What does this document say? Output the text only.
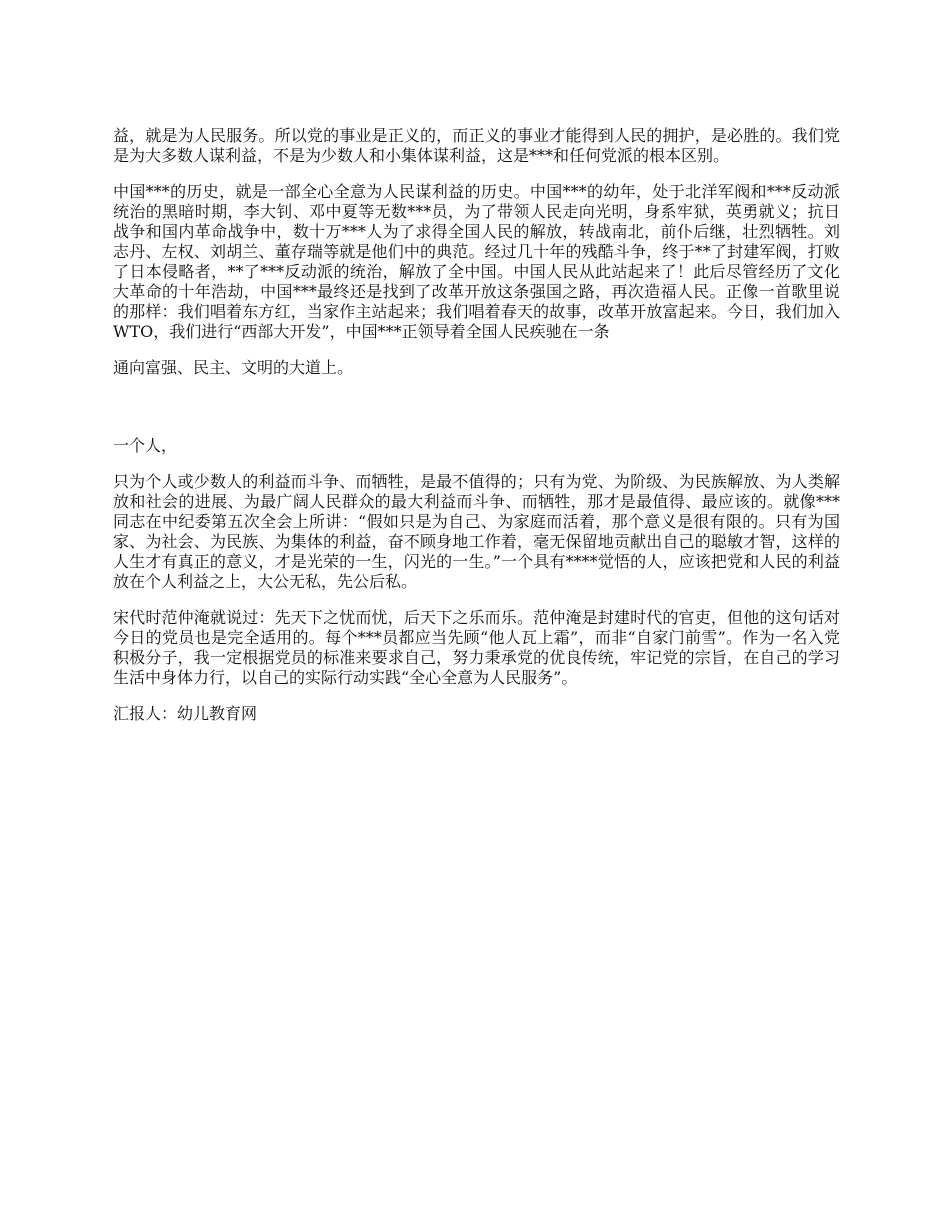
益，就是为人民服务。所以党的事业是正义的，而正义的事业才能得到人民的拥护，是必胜的。我们党是为大多数人谋利益，不是为少数人和小集体谋利益，这是***和任何党派的根本区别。

中国***的历史，就是一部全心全意为人民谋利益的历史。中国***的幼年，处于北洋军阀和***反动派统治的黑暗时期，李大钊、邓中夏等无数***员，为了带领人民走向光明，身系牢狱，英勇就义；抗日战争和国内革命战争中，数十万***人为了求得全国人民的解放，转战南北，前仆后继，壮烈牺牲。刘志丹、左权、刘胡兰、董存瑞等就是他们中的典范。经过几十年的残酷斗争，终于**了封建军阀，打败了日本侵略者，**了***反动派的统治，解放了全中国。中国人民从此站起来了！此后尽管经历了文化大革命的十年浩劫，中国***最终还是找到了改革开放这条强国之路，再次造福人民。正像一首歌里说的那样：我们唱着东方红，当家作主站起来；我们唱着春天的故事，改革开放富起来。今日，我们加入 WTO，我们进行“西部大开发”，中国***正领导着全国人民疾驰在一条

通向富强、民主、文明的大道上。

一个人，

只为个人或少数人的利益而斗争、而牺牲，是最不值得的；只有为党、为阶级、为民族解放、为人类解放和社会的进展、为最广阔人民群众的最大利益而斗争、而牺牲，那才是最值得、最应该的。就像***同志在中纪委第五次全会上所讲：“假如只是为自己、为家庭而活着，那个意义是很有限的。只有为国家、为社会、为民族、为集体的利益，奋不顾身地工作着，毫无保留地贡献出自己的聪敏才智，这样的人生才有真正的意义，才是光荣的一生，闪光的一生。”一个具有****觉悟的人，应该把党和人民的利益放在个人利益之上，大公无私，先公后私。

宋代时范仲淹就说过：先天下之忧而忧，后天下之乐而乐。范仲淹是封建时代的官吏，但他的这句话对今日的党员也是完全适用的。每个***员都应当先顾“他人瓦上霜”，而非“自家门前雪”。作为一名入党积极分子，我一定根据党员的标准来要求自己，努力秉承党的优良传统，牢记党的宗旨，在自己的学习生活中身体力行，以自己的实际行动实践“全心全意为人民服务”。

汇报人：幼儿教育网
